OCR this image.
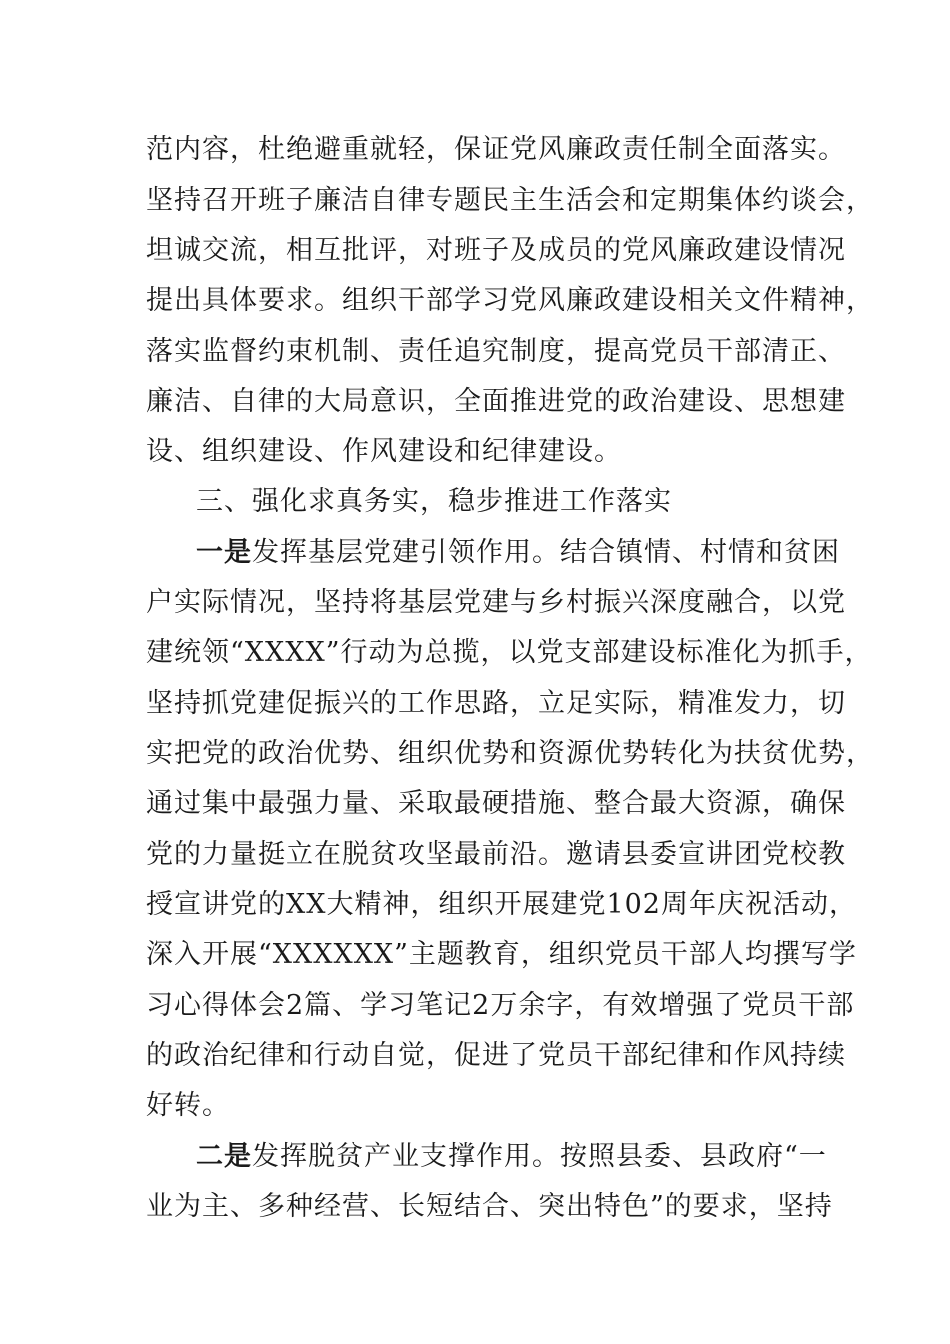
范内容，杜绝避重就轻，保证党风廉政责任制全面落实。
坚持召开班子廉洁自律专题民主生活会和定期集体约谈会，
坦诚交流，相互批评，对班子及成员的党风廉政建设情况
提出具体要求。组织干部学习党风廉政建设相关文件精神，
落实监督约束机制、责任追究制度，提高党员干部清正、
廉洁、自律的大局意识，全面推进党的政治建设、思想建
设、组织建设、作风建设和纪律建设。
三、强化求真务实，稳步推进工作落实
一是发挥基层党建引领作用。结合镇情、村情和贫困
户实际情况，坚持将基层党建与乡村振兴深度融合，以党
建统领“XXXX”行动为总揽，以党支部建设标准化为抓手，
坚持抓党建促振兴的工作思路，立足实际，精准发力，切
实把党的政治优势、组织优势和资源优势转化为扶贫优势，
通过集中最强力量、采取最硬措施、整合最大资源，确保
党的力量挺立在脱贫攻坚最前沿。邀请县委宣讲团党校教
授宣讲党的XX大精神，组织开展建党102周年庆祝活动，
深入开展“XXXXXX”主题教育，组织党员干部人均撰写学
习心得体会2篇、学习笔记2万余字，有效增强了党员干部
的政治纪律和行动自觉，促进了党员干部纪律和作风持续
好转。
二是发挥脱贫产业支撑作用。按照县委、县政府“一
业为主、多种经营、长短结合、突出特色”的要求，坚持
